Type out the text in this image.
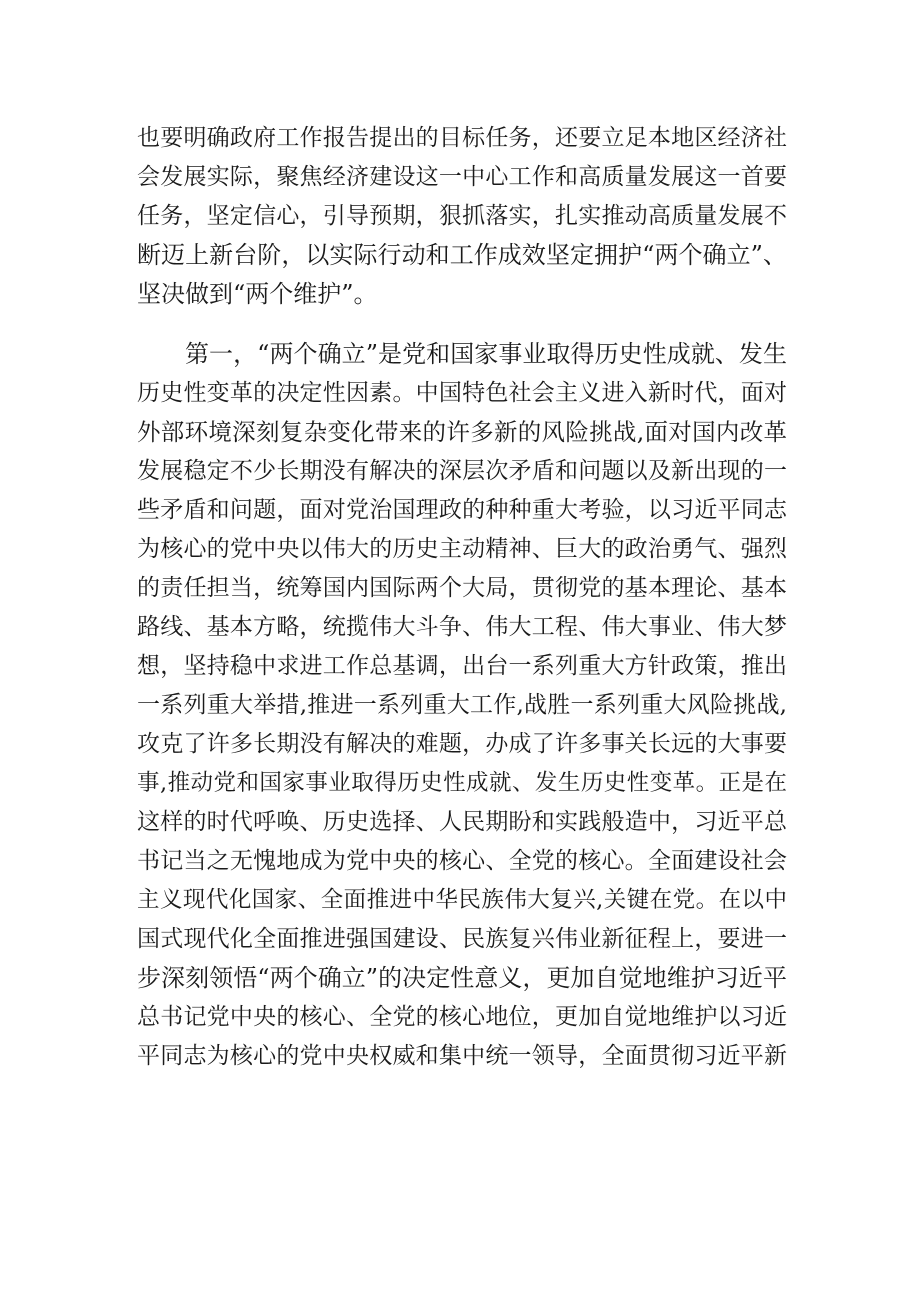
也要明确政府工作报告提出的目标任务，还要立足本地区经济社
会发展实际，聚焦经济建设这一中心工作和高质量发展这一首要
任务，坚定信心，引导预期，狠抓落实，扎实推动高质量发展不
断迈上新台阶，以实际行动和工作成效坚定拥护“两个确立”、
坚决做到“两个维护”。
第一，“两个确立”是党和国家事业取得历史性成就、发生
历史性变革的决定性因素。中国特色社会主义进入新时代，面对
外部环境深刻复杂变化带来的许多新的风险挑战,面对国内改革
发展稳定不少长期没有解决的深层次矛盾和问题以及新出现的一
些矛盾和问题，面对党治国理政的种种重大考验，以习近平同志
为核心的党中央以伟大的历史主动精神、巨大的政治勇气、强烈
的责任担当，统筹国内国际两个大局，贯彻党的基本理论、基本
路线、基本方略，统揽伟大斗争、伟大工程、伟大事业、伟大梦
想，坚持稳中求进工作总基调，出台一系列重大方针政策，推出
一系列重大举措,推进一系列重大工作,战胜一系列重大风险挑战,
攻克了许多长期没有解决的难题，办成了许多事关长远的大事要
事,推动党和国家事业取得历史性成就、发生历史性变革。正是在
这样的时代呼唤、历史选择、人民期盼和实践般造中，习近平总
书记当之无愧地成为党中央的核心、全党的核心。全面建设社会
主义现代化国家、全面推进中华民族伟大复兴,关键在党。在以中
国式现代化全面推进强国建设、民族复兴伟业新征程上，要进一
步深刻领悟“两个确立”的决定性意义，更加自觉地维护习近平
总书记党中央的核心、全党的核心地位，更加自觉地维护以习近
平同志为核心的党中央权威和集中统一领导，全面贯彻习近平新
